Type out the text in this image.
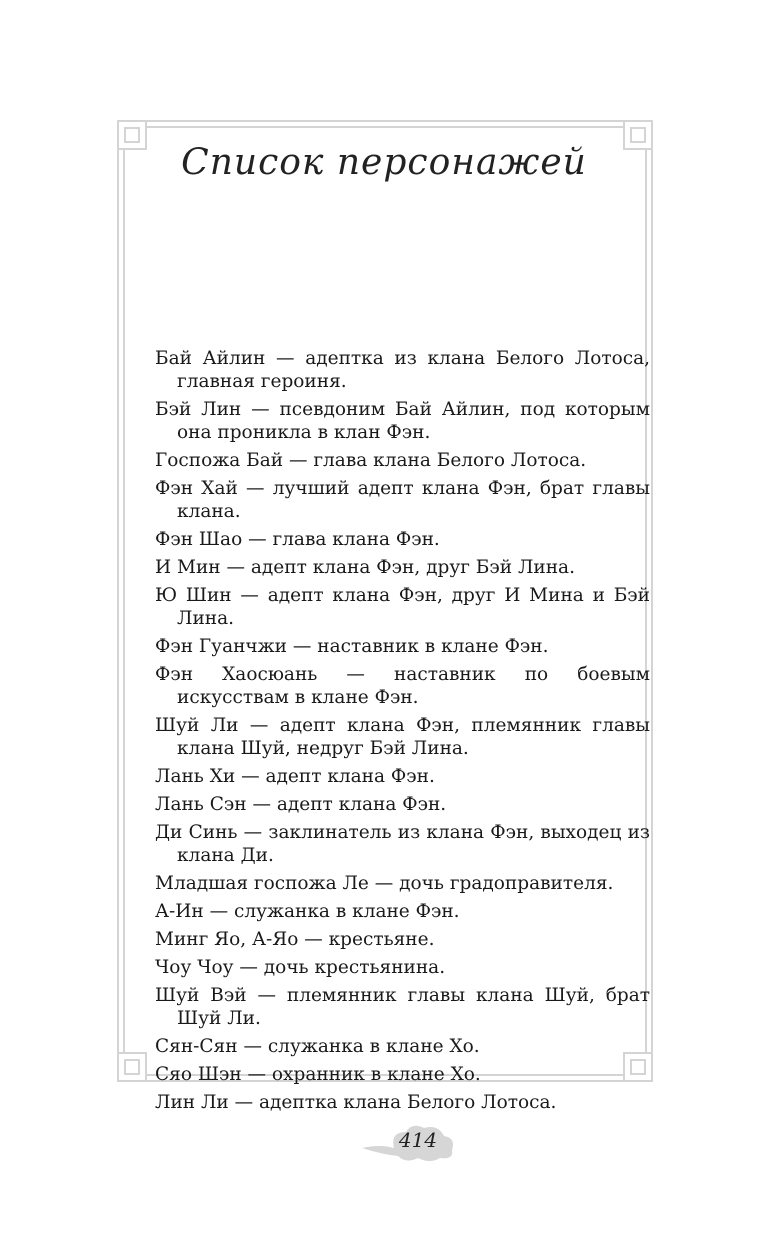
Список персонажей

Бай Айлин — адептка из клана Белого Лотоса, главная героиня.

Бэй Лин — псевдоним Бай Айлин, под которым она проникла в клан Фэн.

Госпожа Бай — глава клана Белого Лотоса.

Фэн Хай — лучший адепт клана Фэн, брат главы клана.

Фэн Шао — глава клана Фэн.

И Мин — адепт клана Фэн, друг Бэй Лина.

Ю Шин — адепт клана Фэн, друг И Мина и Бэй Лина.

Фэн Гуанчжи — наставник в клане Фэн.

Фэн Хаосюань — наставник по боевым искусствам в клане Фэн.

Шуй Ли — адепт клана Фэн, племянник главы клана Шуй, недруг Бэй Лина.

Лань Хи — адепт клана Фэн.

Лань Сэн — адепт клана Фэн.

Ди Синь — заклинатель из клана Фэн, выходец из клана Ди.

Младшая госпожа Ле — дочь градоправителя.

А-Ин — служанка в клане Фэн.

Минг Яо, А-Яо — крестьяне.

Чоу Чоу — дочь крестьянина.

Шуй Вэй — племянник главы клана Шуй, брат Шуй Ли.

Сян-Сян — служанка в клане Хо.

Сяо Шэн — охранник в клане Хо.

Лин Ли — адептка клана Белого Лотоса.

414
